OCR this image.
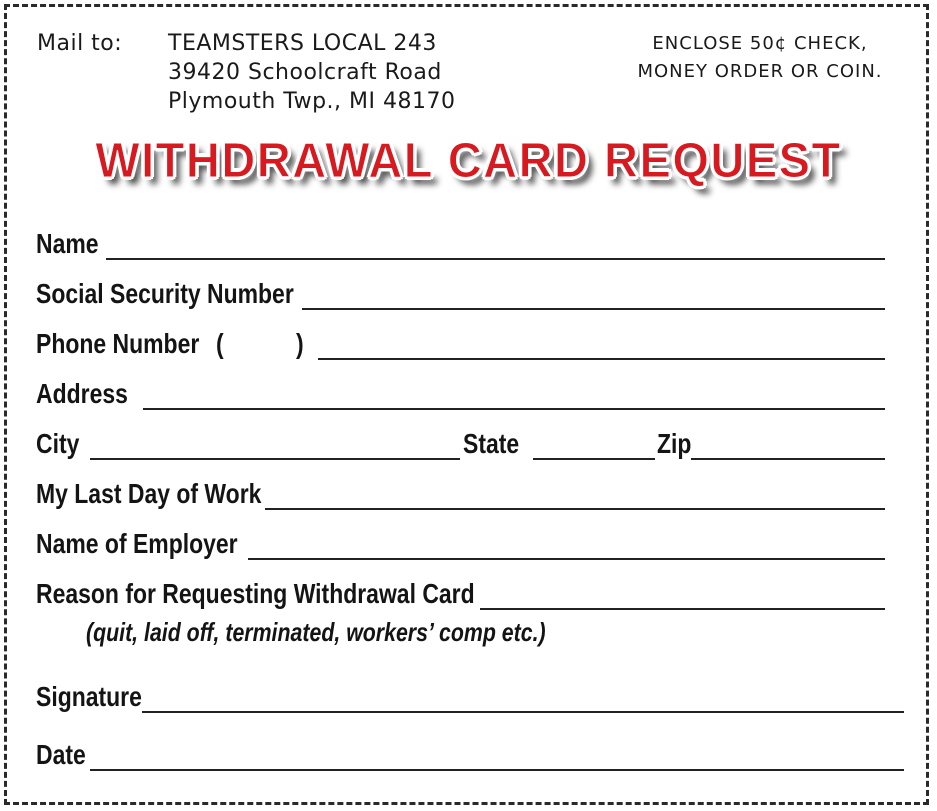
Mail to: TEAMSTERS LOCAL 243
39420 Schoolcraft Road
Plymouth Twp., MI 48170
ENCLOSE 50¢ CHECK,
MONEY ORDER OR COIN.
WITHDRAWAL CARD REQUEST
Name
Social Security Number
Phone Number (	)
Address
City	State	Zip
My Last Day of Work
Name of Employer
Reason for Requesting Withdrawal Card
(quit, laid off, terminated, workers’ comp etc.)
Signature
Date
